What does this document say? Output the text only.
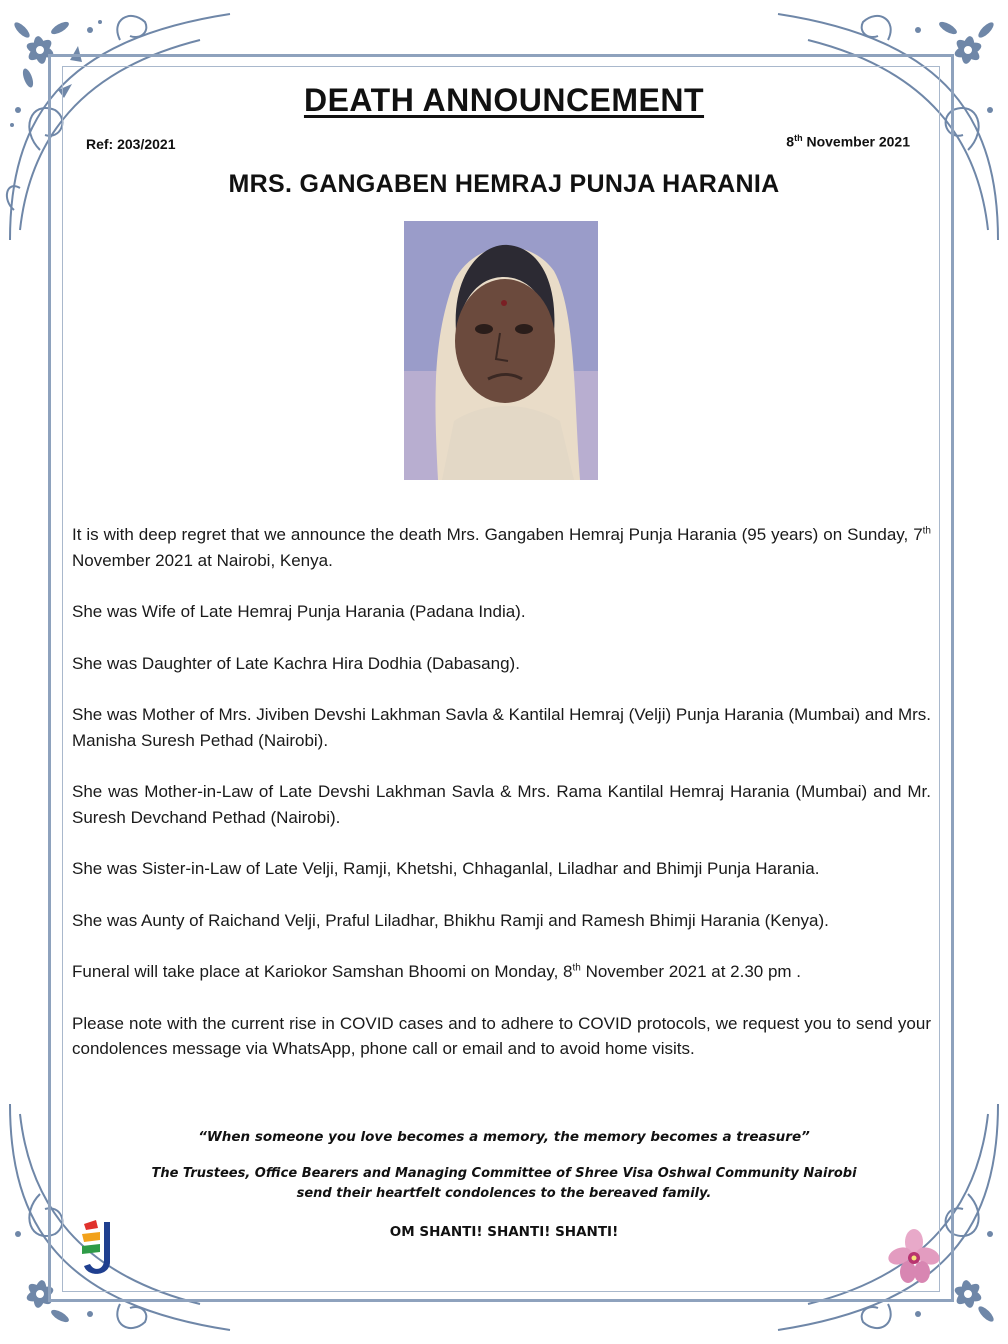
DEATH ANNOUNCEMENT
Ref: 203/2021	8th November 2021
MRS. GANGABEN HEMRAJ PUNJA HARANIA

It is with deep regret that we announce the death Mrs. Gangaben Hemraj Punja Harania (95 years) on Sunday, 7th November 2021 at Nairobi, Kenya.

She was Wife of Late Hemraj Punja Harania (Padana India).

She was Daughter of Late Kachra Hira Dodhia (Dabasang).

She was Mother of Mrs. Jiviben Devshi Lakhman Savla & Kantilal Hemraj (Velji) Punja Harania (Mumbai) and Mrs. Manisha Suresh Pethad (Nairobi).

She was Mother-in-Law of Late Devshi Lakhman Savla & Mrs. Rama Kantilal Hemraj Harania (Mumbai) and Mr. Suresh Devchand Pethad (Nairobi).

She was Sister-in-Law of Late Velji, Ramji, Khetshi, Chhaganlal, Liladhar and Bhimji Punja Harania.

She was Aunty of Raichand Velji, Praful Liladhar, Bhikhu Ramji and Ramesh Bhimji Harania (Kenya).

Funeral will take place at Kariokor Samshan Bhoomi on Monday, 8th November 2021 at 2.30 pm .

Please note with the current rise in COVID cases and to adhere to COVID protocols, we request you to send your condolences message via WhatsApp, phone call or email and to avoid home visits.

“When someone you love becomes a memory, the memory becomes a treasure”
The Trustees, Office Bearers and Managing Committee of Shree Visa Oshwal Community Nairobi
send their heartfelt condolences to the bereaved family.
OM SHANTI! SHANTI! SHANTI!
